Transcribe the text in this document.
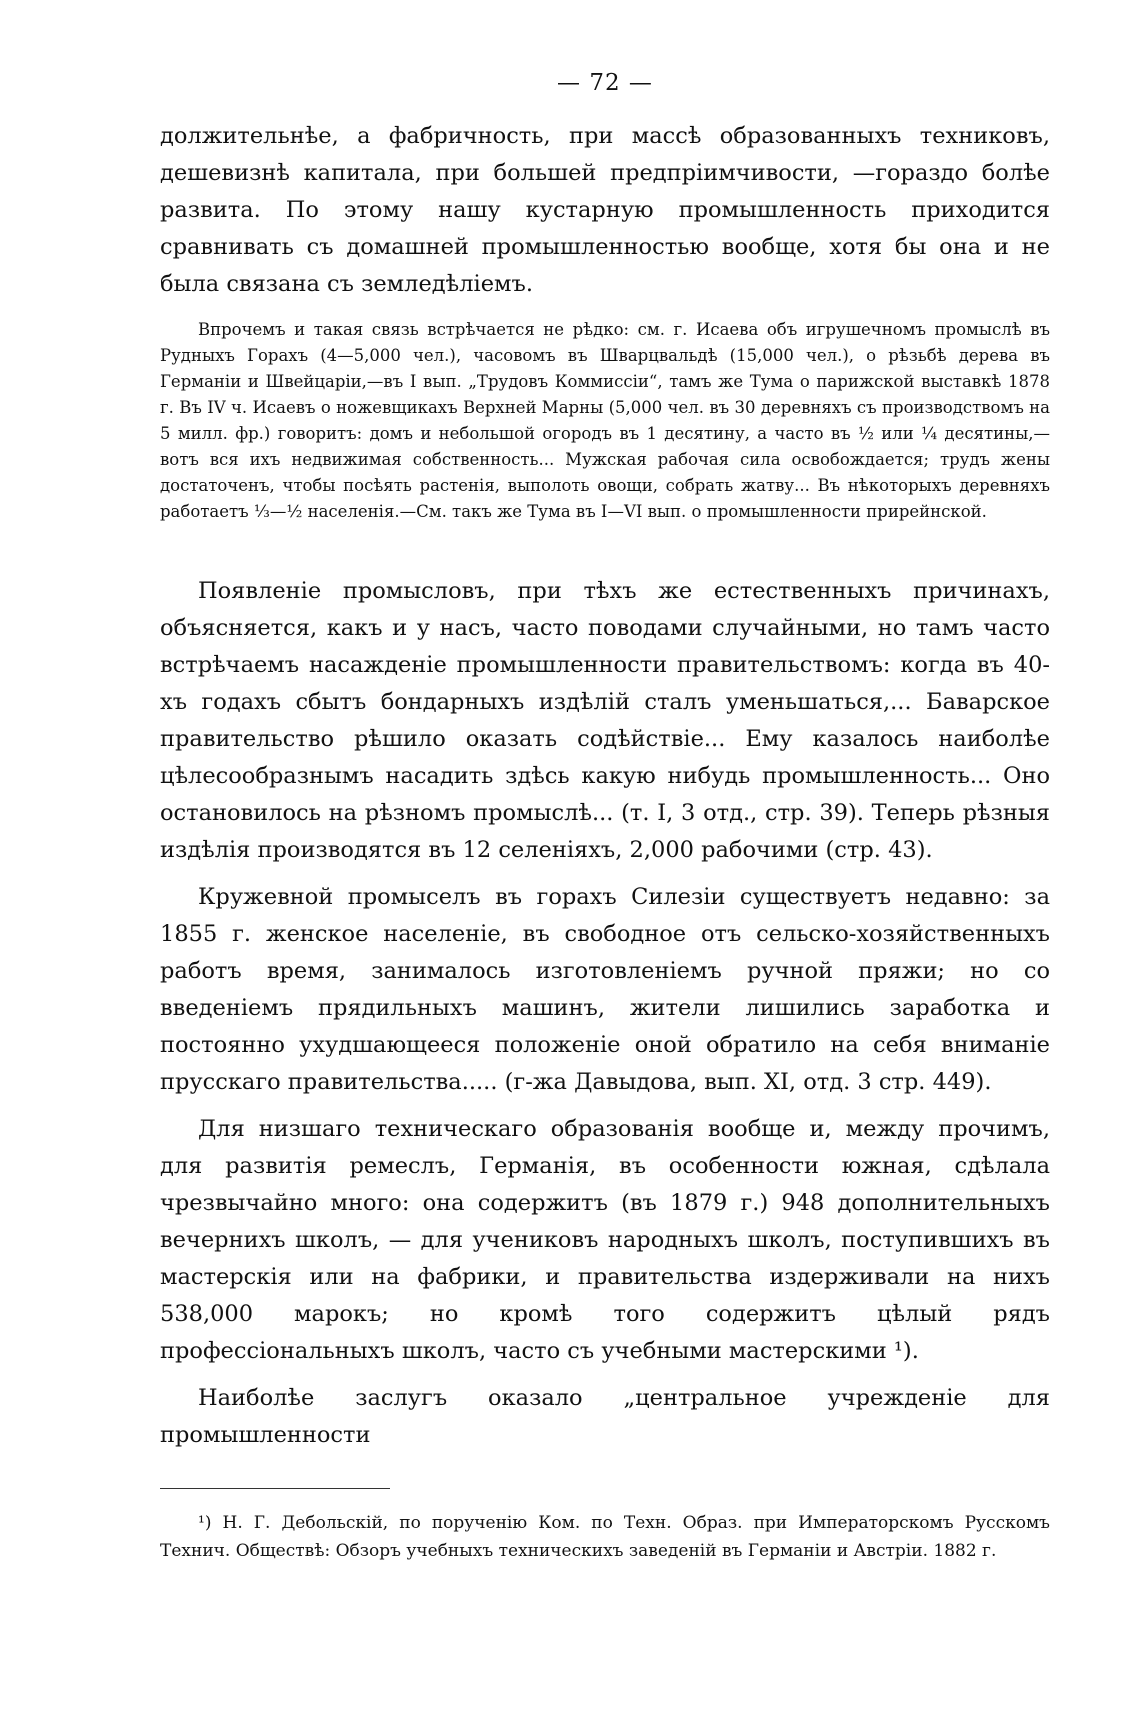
— 72 —

должительнѣе, а фабричность, при массѣ образованныхъ техниковъ, дешевизнѣ капитала, при большей предпріимчивости, —гораздо болѣе развита. По этому нашу кустарную промышленность приходится сравнивать съ домашней промышленностью вообще, хотя бы она и не была связана съ земледѣліемъ.

Впрочемъ и такая связь встрѣчается не рѣдко: см. г. Исаева объ игрушечномъ промыслѣ въ Рудныхъ Горахъ (4—5,000 чел.), часовомъ въ Шварцвальдѣ (15,000 чел.), о рѣзьбѣ дерева въ Германіи и Швейцаріи,—въ I вып. „Трудовъ Коммиссіи“, тамъ же Тума о парижской выставкѣ 1878 г. Въ IV ч. Исаевъ о ножевщикахъ Верхней Марны (5,000 чел. въ 30 деревняхъ съ производствомъ на 5 милл. фр.) говоритъ: домъ и небольшой огородъ въ 1 десятину, а часто въ ½ или ¼ десятины,—вотъ вся ихъ недвижимая собственность... Мужская рабочая сила освобождается; трудъ жены достаточенъ, чтобы посѣять растенія, выполоть овощи, собрать жатву... Въ нѣкоторыхъ деревняхъ работаетъ ⅓—½ населенія.—См. такъ же Тума въ I—VI вып. о промышленности прирейнской.

Появленіе промысловъ, при тѣхъ же естественныхъ причинахъ, объясняется, какъ и у насъ, часто поводами случайными, но тамъ часто встрѣчаемъ насажденіе промышленности правительствомъ: когда въ 40-хъ годахъ сбытъ бондарныхъ издѣлій сталъ уменьшаться,... Баварское правительство рѣшило оказать содѣйствіе... Ему казалось наиболѣе цѣлесообразнымъ насадить здѣсь какую нибудь промышленность... Оно остановилось на рѣзномъ промыслѣ... (т. I, 3 отд., стр. 39). Теперь рѣзныя издѣлія производятся въ 12 селеніяхъ, 2,000 рабочими (стр. 43).

Кружевной промыселъ въ горахъ Силезіи существуетъ недавно: за 1855 г. женское населеніе, въ свободное отъ сельско-хозяйственныхъ работъ время, занималось изготовленіемъ ручной пряжи; но со введеніемъ прядильныхъ машинъ, жители лишились заработка и постоянно ухудшающееся положеніе оной обратило на себя вниманіе прусскаго правительства..... (г-жа Давыдова, вып. XI, отд. 3 стр. 449).

Для низшаго техническаго образованія вообще и, между прочимъ, для развитія ремеслъ, Германія, въ особенности южная, сдѣлала чрезвычайно много: она содержитъ (въ 1879 г.) 948 дополнительныхъ вечернихъ школъ, — для учениковъ народныхъ школъ, поступившихъ въ мастерскія или на фабрики, и правительства издерживали на нихъ 538,000 марокъ; но кромѣ того содержитъ цѣлый рядъ профессіональныхъ школъ, часто съ учебными мастерскими ¹).

Наиболѣе заслугъ оказало „центральное учрежденіе для промышленности

¹) Н. Г. Дебольскій, по порученію Ком. по Техн. Образ. при Императорскомъ Русскомъ Технич. Обществѣ: Обзоръ учебныхъ техническихъ заведеній въ Германіи и Австріи. 1882 г.
